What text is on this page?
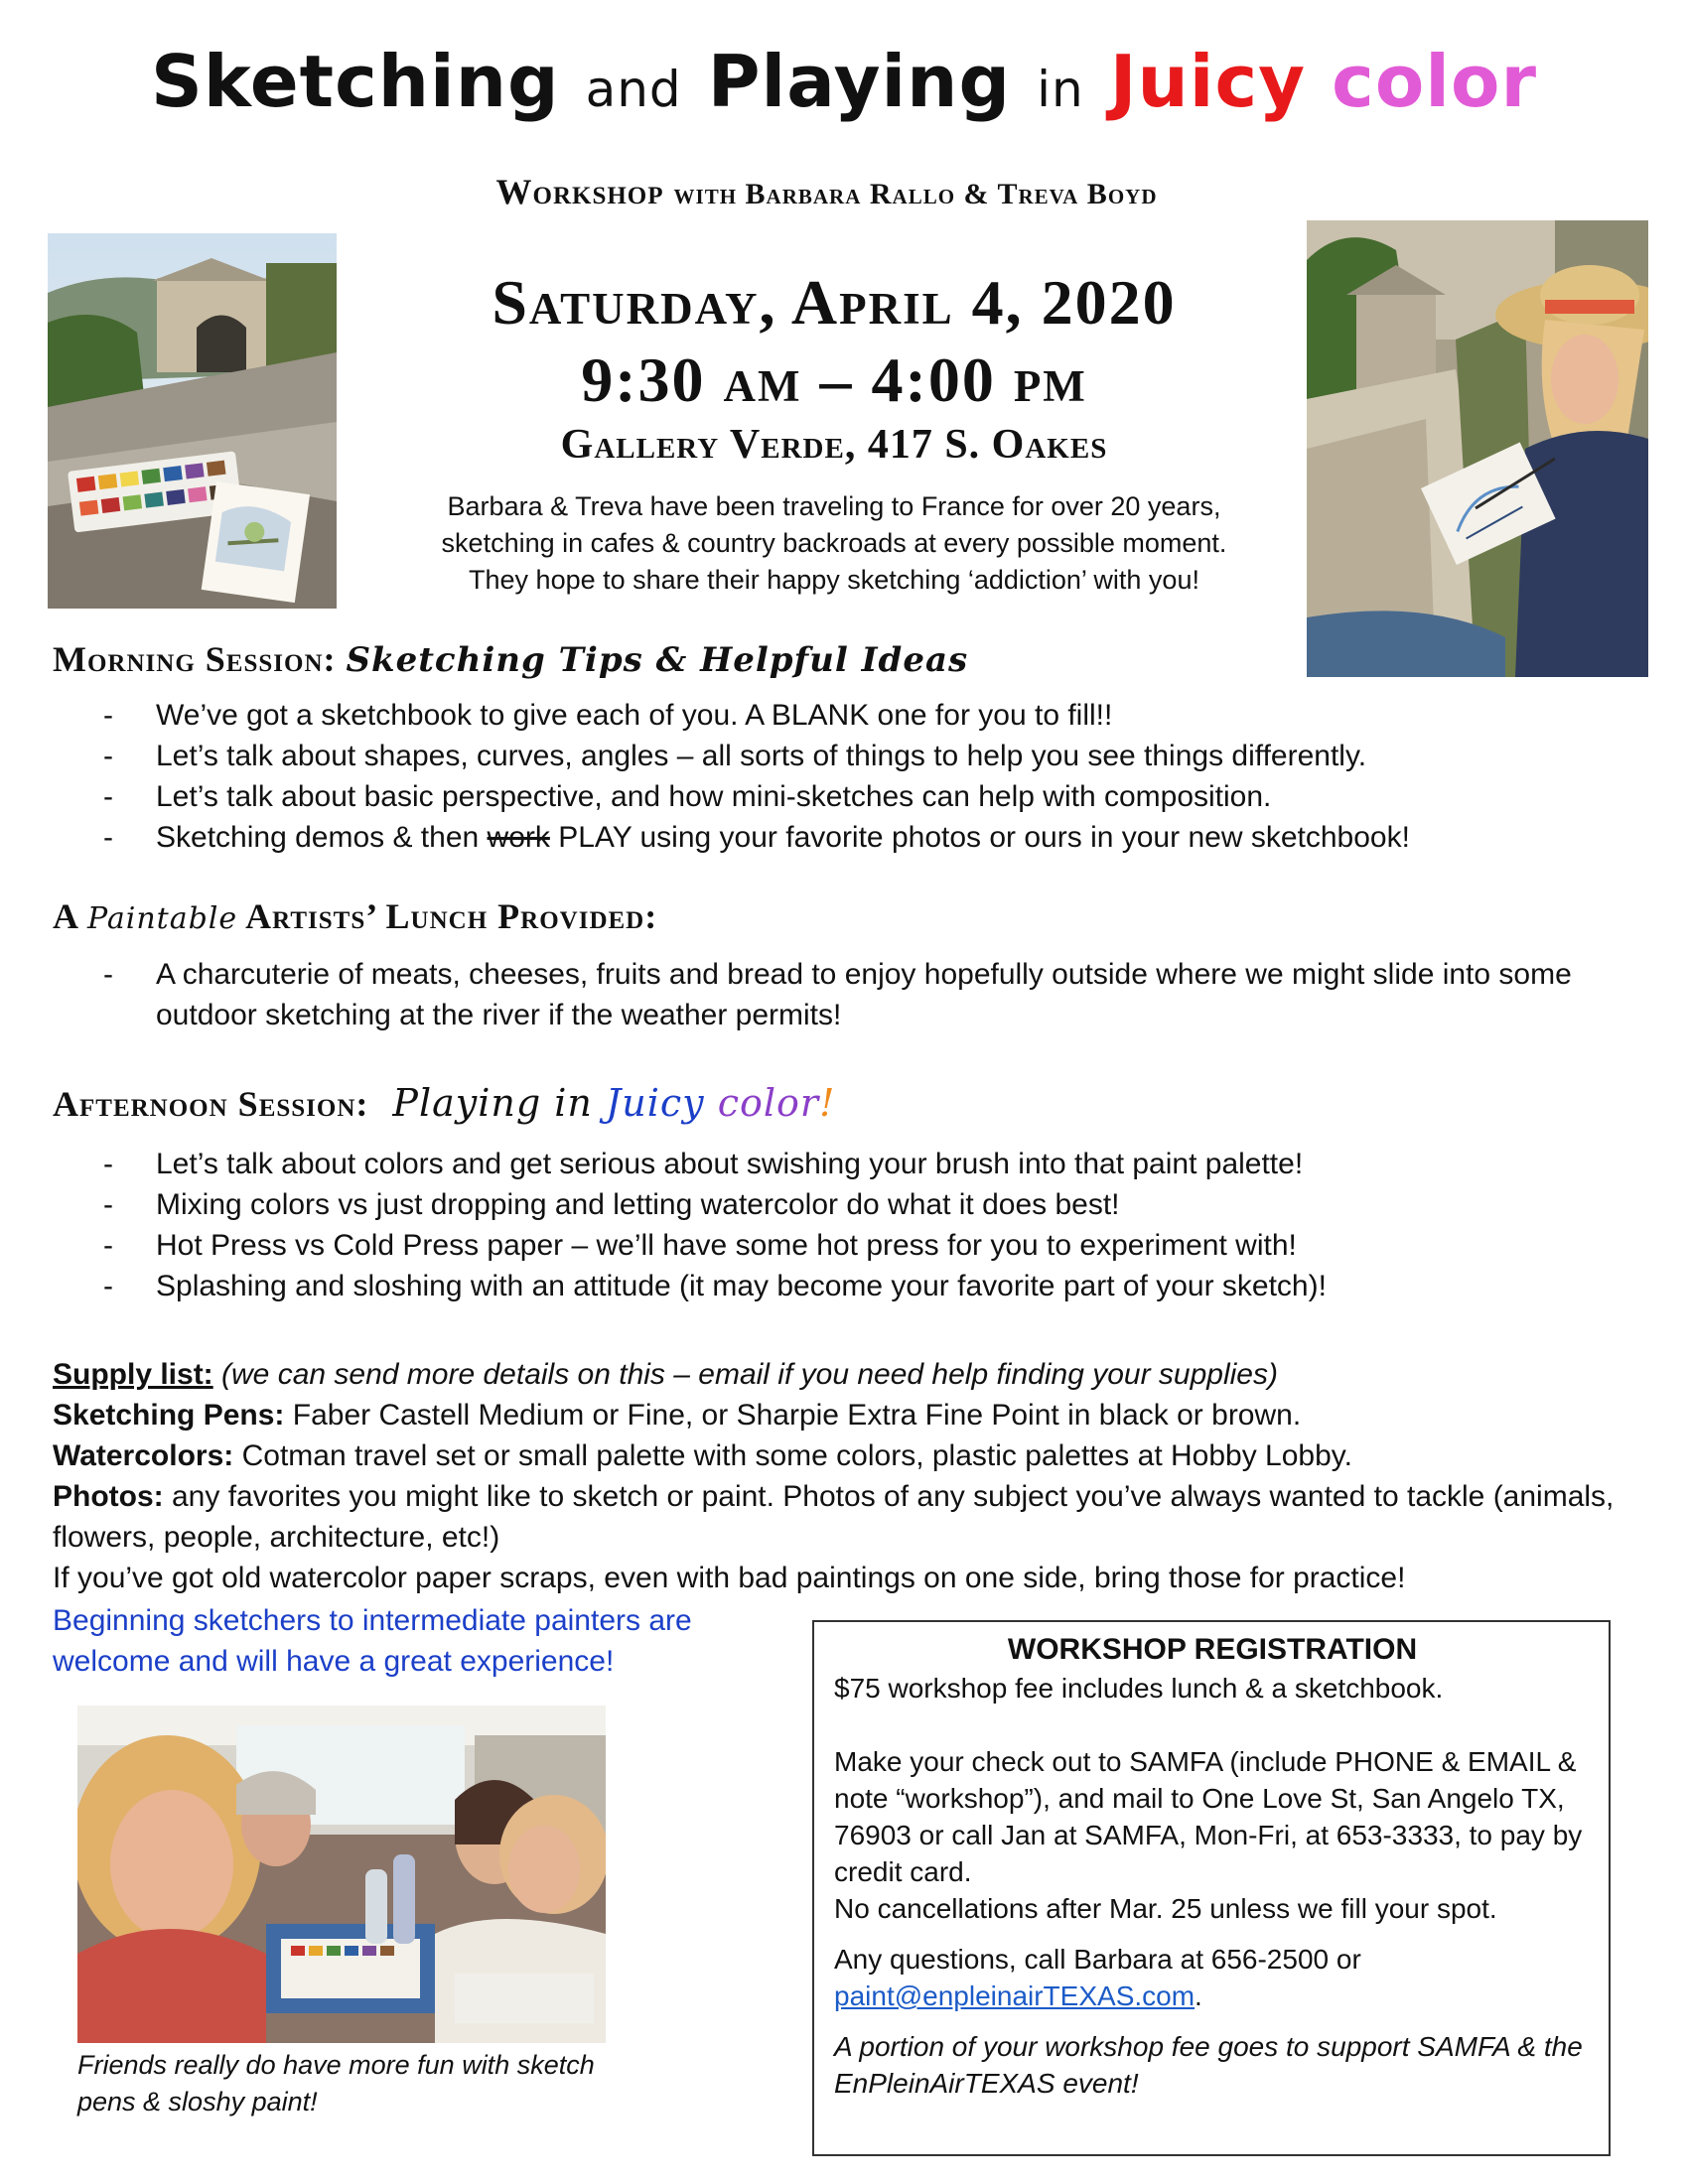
Sketching and Playing in Juicy color
Workshop with Barbara Rallo & Treva Boyd
Saturday, April 4, 2020
9:30 am – 4:00 pm
Gallery Verde, 417 S. Oakes
Barbara & Treva have been traveling to France for over 20 years,
sketching in cafes & country backroads at every possible moment.
They hope to share their happy sketching ‘addiction’ with you!
Morning Session: Sketching Tips & Helpful Ideas
- We’ve got a sketchbook to give each of you. A BLANK one for you to fill!!
- Let’s talk about shapes, curves, angles – all sorts of things to help you see things differently.
- Let’s talk about basic perspective, and how mini-sketches can help with composition.
- Sketching demos & then work PLAY using your favorite photos or ours in your new sketchbook!
A Paintable Artists’ Lunch Provided:
- A charcuterie of meats, cheeses, fruits and bread to enjoy hopefully outside where we might slide into some outdoor sketching at the river if the weather permits!
Afternoon Session: Playing in Juicy color!
- Let’s talk about colors and get serious about swishing your brush into that paint palette!
- Mixing colors vs just dropping and letting watercolor do what it does best!
- Hot Press vs Cold Press paper – we’ll have some hot press for you to experiment with!
- Splashing and sloshing with an attitude (it may become your favorite part of your sketch)!

Supply list: (we can send more details on this – email if you need help finding your supplies)

Sketching Pens: Faber Castell Medium or Fine, or Sharpie Extra Fine Point in black or brown.

Watercolors: Cotman travel set or small palette with some colors, plastic palettes at Hobby Lobby.

Photos: any favorites you might like to sketch or paint. Photos of any subject you’ve always wanted to tackle (animals, flowers, people, architecture, etc!)

If you’ve got old watercolor paper scraps, even with bad paintings on one side, bring those for practice!

Beginning sketchers to intermediate painters are welcome and will have a great experience!
Friends really do have more fun with sketch pens & sloshy paint!

WORKSHOP REGISTRATION

$75 workshop fee includes lunch & a sketchbook.

Make your check out to SAMFA (include PHONE & EMAIL & note “workshop”), and mail to One Love St, San Angelo TX, 76903 or call Jan at SAMFA, Mon-Fri, at 653-3333, to pay by credit card.

No cancellations after Mar. 25 unless we fill your spot.

Any questions, call Barbara at 656-2500 or

paint@enpleinairTEXAS.com.

A portion of your workshop fee goes to support SAMFA & the EnPleinAirTEXAS event!
